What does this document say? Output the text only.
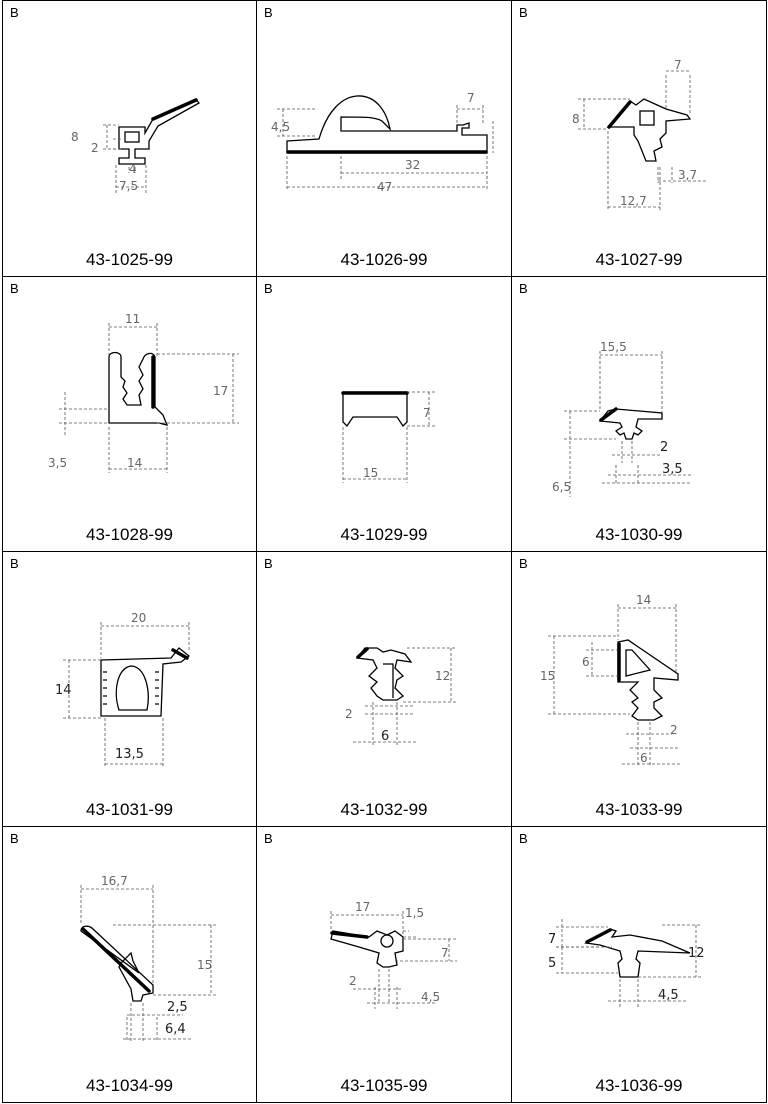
B
8
2
4
7,5
43-1025-99
B
4,5
7
32
47
43-1026-99
B
7
8
3,7
12,7
43-1027-99
B
11
17
3,5	14
43-1028-99
B
7
15
43-1029-99
B
15,5
2
3,5
6,5
43-1030-99
B
20
14
13,5
43-1031-99
B
12
2
6
43-1032-99
B
14
6
15
2
6
43-1033-99
B
16,7
15
2,5
6,4
43-1034-99
B
17	1,5
7
2
4,5
43-1035-99
B
7
5
12
4,5
43-1036-99
